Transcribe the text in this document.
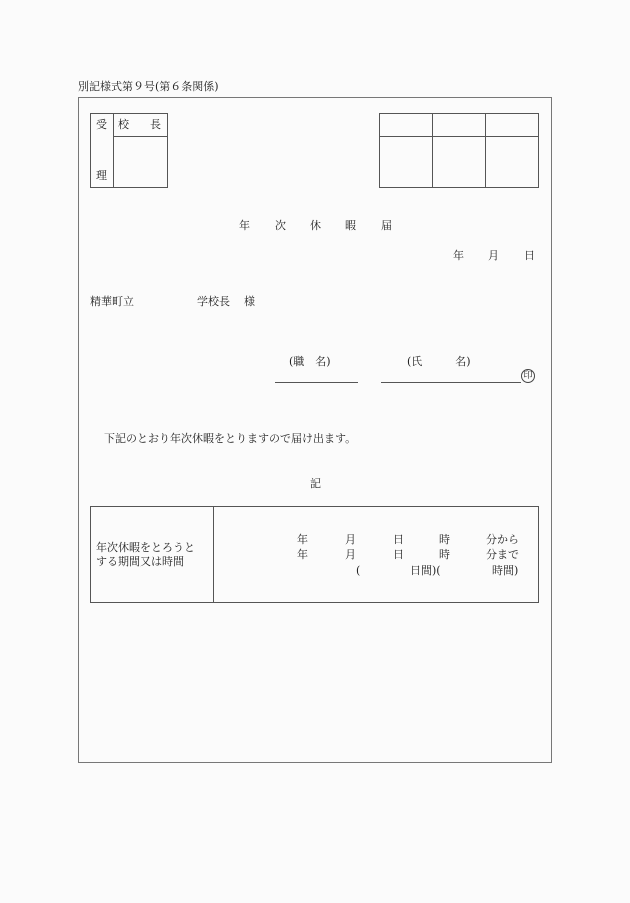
別記様式第９号(第６条関係)
受
理
校 長
年 次 休 暇 届
年 月 日
精華町立	学校長 様
(職　名)	(氏　　　名)
印
下記のとおり年次休暇をとりますので届け出ます。
記
年次休暇をとろうと
する期間又は時間
年	月	日	時	分から
年	月	日	時	分まで
(	日間)(	時間)
